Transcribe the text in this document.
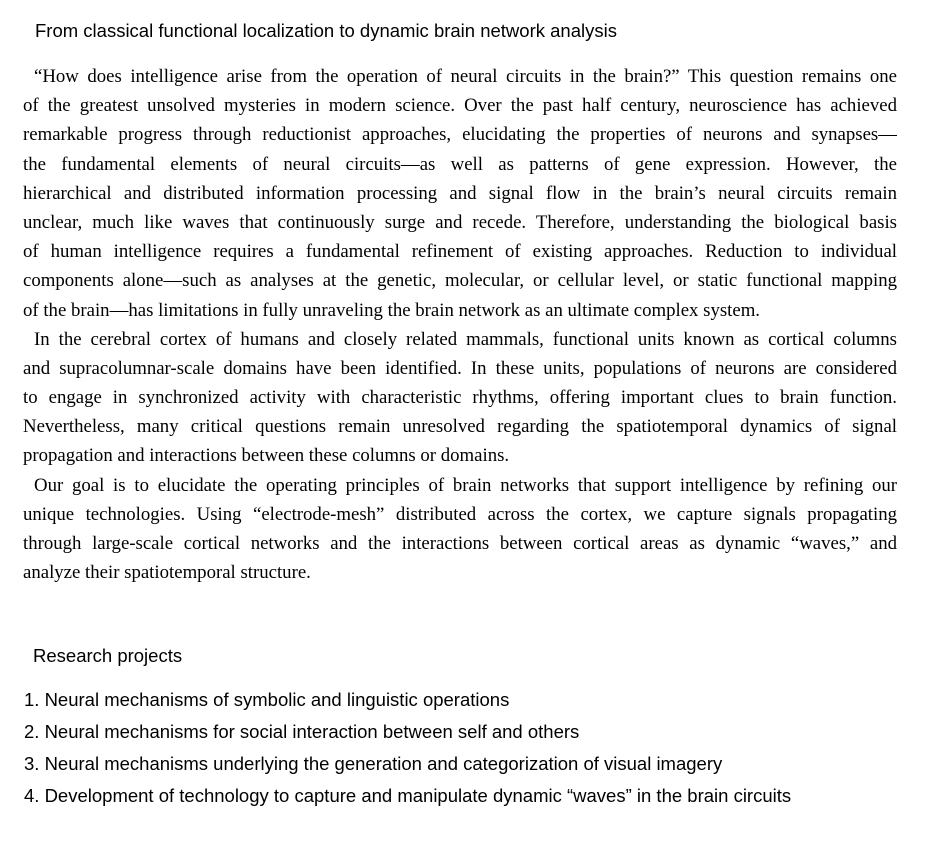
From classical functional localization to dynamic brain network analysis
“How does intelligence arise from the operation of neural circuits in the brain?” This question remains one
of the greatest unsolved mysteries in modern science. Over the past half century, neuroscience has achieved
remarkable progress through reductionist approaches, elucidating the properties of neurons and synapses—
the fundamental elements of neural circuits—as well as patterns of gene expression. However, the
hierarchical and distributed information processing and signal flow in the brain’s neural circuits remain
unclear, much like waves that continuously surge and recede. Therefore, understanding the biological basis
of human intelligence requires a fundamental refinement of existing approaches. Reduction to individual
components alone—such as analyses at the genetic, molecular, or cellular level, or static functional mapping
of the brain—has limitations in fully unraveling the brain network as an ultimate complex system.
In the cerebral cortex of humans and closely related mammals, functional units known as cortical columns
and supracolumnar-scale domains have been identified. In these units, populations of neurons are considered
to engage in synchronized activity with characteristic rhythms, offering important clues to brain function.
Nevertheless, many critical questions remain unresolved regarding the spatiotemporal dynamics of signal
propagation and interactions between these columns or domains.
Our goal is to elucidate the operating principles of brain networks that support intelligence by refining our
unique technologies. Using “electrode-mesh” distributed across the cortex, we capture signals propagating
through large-scale cortical networks and the interactions between cortical areas as dynamic “waves,” and
analyze their spatiotemporal structure.
Research projects
1. Neural mechanisms of symbolic and linguistic operations
2. Neural mechanisms for social interaction between self and others
3. Neural mechanisms underlying the generation and categorization of visual imagery
4. Development of technology to capture and manipulate dynamic “waves” in the brain circuits
